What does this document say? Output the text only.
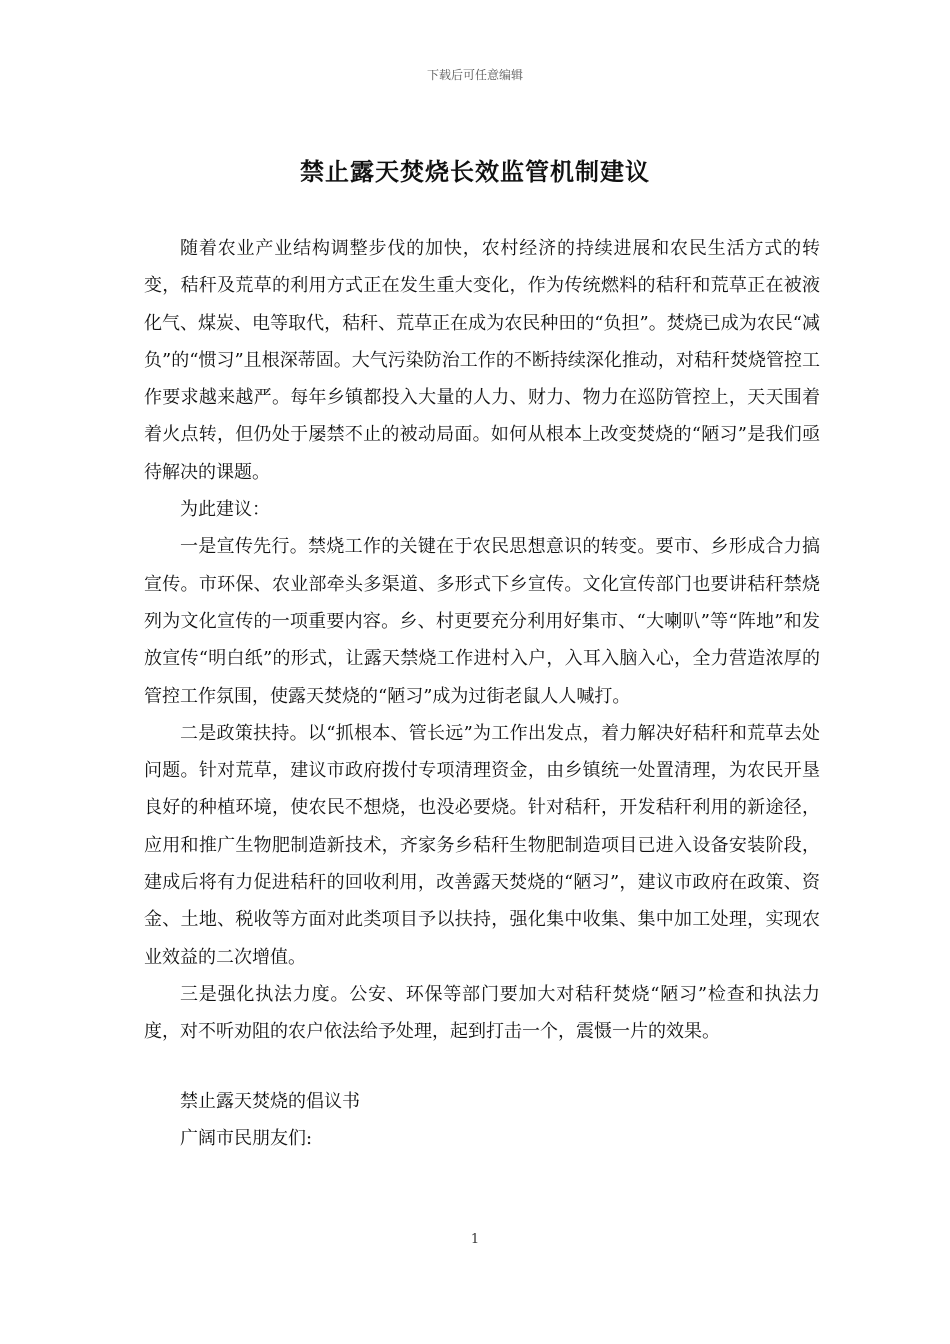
下载后可任意编辑
禁止露天焚烧长效监管机制建议

随着农业产业结构调整步伐的加快，农村经济的持续进展和农民生活方式的转变，秸秆及荒草的利用方式正在发生重大变化，作为传统燃料的秸秆和荒草正在被液化气、煤炭、电等取代，秸秆、荒草正在成为农民种田的“负担”。焚烧已成为农民“减负”的“惯习”且根深蒂固。大气污染防治工作的不断持续深化推动，对秸秆焚烧管控工作要求越来越严。每年乡镇都投入大量的人力、财力、物力在巡防管控上，天天围着着火点转，但仍处于屡禁不止的被动局面。如何从根本上改变焚烧的“陋习”是我们亟待解决的课题。

为此建议：

一是宣传先行。禁烧工作的关键在于农民思想意识的转变。要市、乡形成合力搞宣传。市环保、农业部牵头多渠道、多形式下乡宣传。文化宣传部门也要讲秸秆禁烧列为文化宣传的一项重要内容。乡、村更要充分利用好集市、“大喇叭”等“阵地”和发放宣传“明白纸”的形式，让露天禁烧工作进村入户，入耳入脑入心，全力营造浓厚的管控工作氛围，使露天焚烧的“陋习”成为过街老鼠人人喊打。

二是政策扶持。以“抓根本、管长远”为工作出发点，着力解决好秸秆和荒草去处问题。针对荒草，建议市政府拨付专项清理资金，由乡镇统一处置清理，为农民开垦良好的种植环境，使农民不想烧，也没必要烧。针对秸秆，开发秸秆利用的新途径，应用和推广生物肥制造新技术，齐家务乡秸秆生物肥制造项目已进入设备安装阶段，建成后将有力促进秸秆的回收利用，改善露天焚烧的“陋习”，建议市政府在政策、资金、土地、税收等方面对此类项目予以扶持，强化集中收集、集中加工处理，实现农业效益的二次增值。

三是强化执法力度。公安、环保等部门要加大对秸秆焚烧“陋习”检查和执法力度，对不听劝阻的农户依法给予处理，起到打击一个，震慑一片的效果。

禁止露天焚烧的倡议书

广阔市民朋友们:

1
